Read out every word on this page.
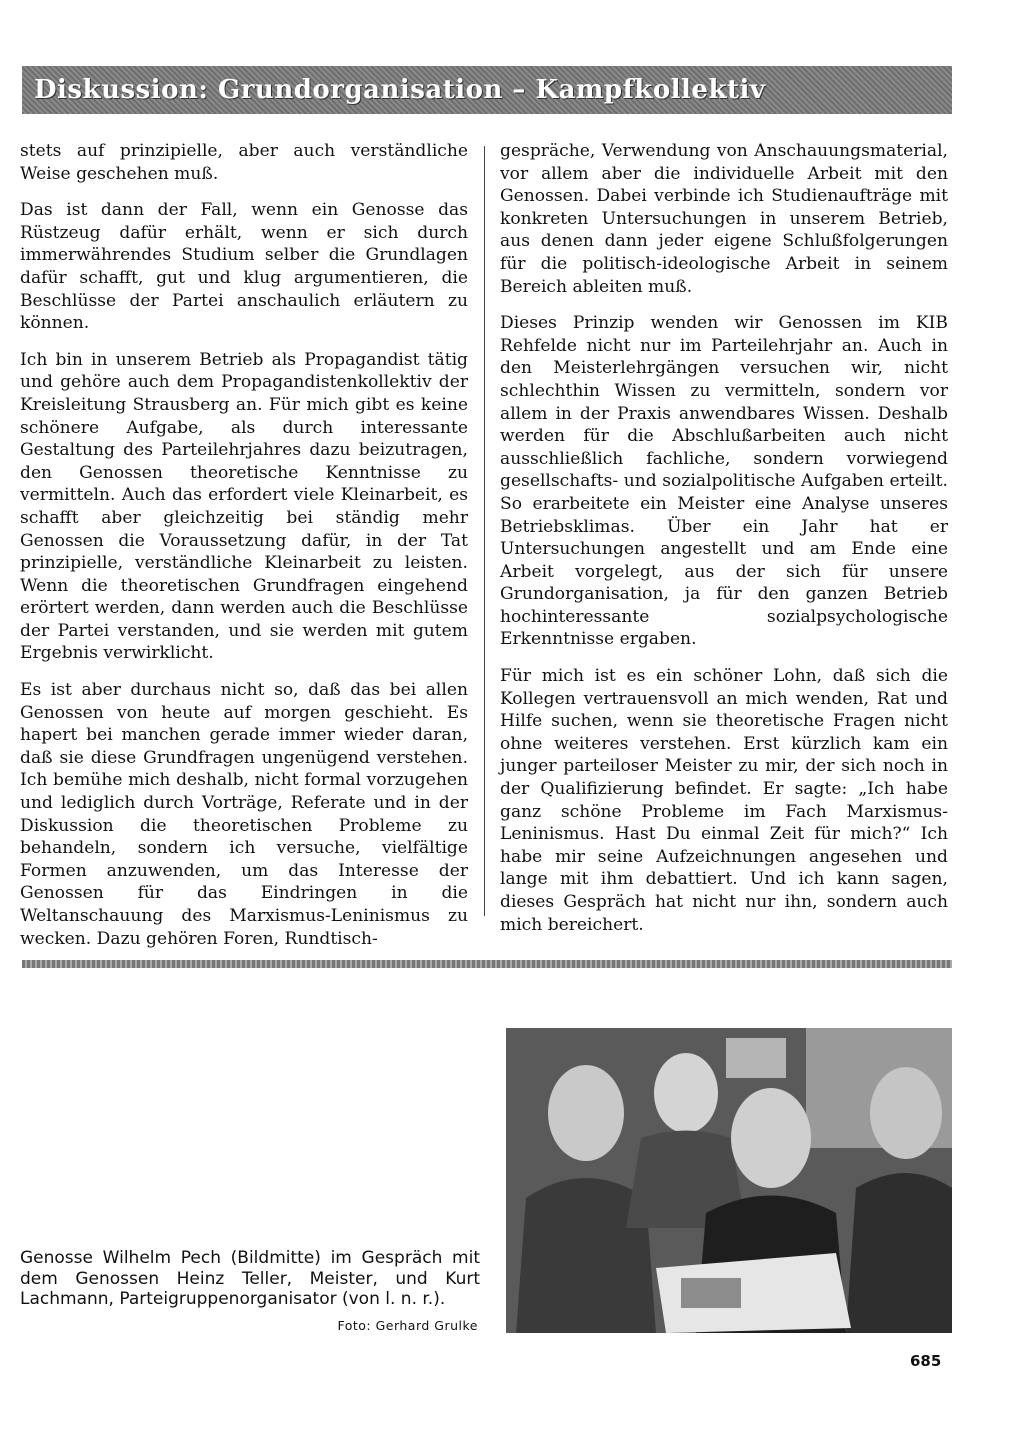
Diskussion: Grundorganisation – Kampfkollektiv

stets auf prinzipielle, aber auch verständliche Weise geschehen muß.

Das ist dann der Fall, wenn ein Genosse das Rüstzeug dafür erhält, wenn er sich durch immerwährendes Studium selber die Grundlagen dafür schafft, gut und klug argumentieren, die Beschlüsse der Partei anschaulich erläutern zu können.

Ich bin in unserem Betrieb als Propagandist tätig und gehöre auch dem Propagandistenkollektiv der Kreisleitung Strausberg an. Für mich gibt es keine schönere Aufgabe, als durch interessante Gestaltung des Parteilehrjahres dazu beizutragen, den Genossen theoretische Kenntnisse zu vermitteln. Auch das erfordert viele Kleinarbeit, es schafft aber gleichzeitig bei ständig mehr Genossen die Voraussetzung dafür, in der Tat prinzipielle, verständliche Kleinarbeit zu leisten. Wenn die theoretischen Grundfragen eingehend erörtert werden, dann werden auch die Beschlüsse der Partei verstanden, und sie werden mit gutem Ergebnis verwirklicht.

Es ist aber durchaus nicht so, daß das bei allen Genossen von heute auf morgen geschieht. Es hapert bei manchen gerade immer wieder daran, daß sie diese Grundfragen ungenügend verstehen. Ich bemühe mich deshalb, nicht formal vorzugehen und lediglich durch Vorträge, Referate und in der Diskussion die theoretischen Probleme zu behandeln, sondern ich versuche, vielfältige Formen anzuwenden, um das Interesse der Genossen für das Eindringen in die Weltanschauung des Marxismus-Leninismus zu wecken. Dazu gehören Foren, Rundtisch-

gespräche, Verwendung von Anschauungsmaterial, vor allem aber die individuelle Arbeit mit den Genossen. Dabei verbinde ich Studienaufträge mit konkreten Untersuchungen in unserem Betrieb, aus denen dann jeder eigene Schlußfolgerungen für die politisch-ideologische Arbeit in seinem Bereich ableiten muß.

Dieses Prinzip wenden wir Genossen im KIB Rehfelde nicht nur im Parteilehrjahr an. Auch in den Meisterlehrgängen versuchen wir, nicht schlechthin Wissen zu vermitteln, sondern vor allem in der Praxis anwendbares Wissen. Deshalb werden für die Abschlußarbeiten auch nicht ausschließlich fachliche, sondern vorwiegend gesellschafts- und sozialpolitische Aufgaben erteilt. So erarbeitete ein Meister eine Analyse unseres Betriebsklimas. Über ein Jahr hat er Untersuchungen angestellt und am Ende eine Arbeit vorgelegt, aus der sich für unsere Grundorganisation, ja für den ganzen Betrieb hochinteressante sozialpsychologische Erkenntnisse ergaben.

Für mich ist es ein schöner Lohn, daß sich die Kollegen vertrauensvoll an mich wenden, Rat und Hilfe suchen, wenn sie theoretische Fragen nicht ohne weiteres verstehen. Erst kürzlich kam ein junger parteiloser Meister zu mir, der sich noch in der Qualifizierung befindet. Er sagte: „Ich habe ganz schöne Probleme im Fach Marxismus-Leninismus. Hast Du einmal Zeit für mich?“ Ich habe mir seine Aufzeichnungen angesehen und lange mit ihm debattiert. Und ich kann sagen, dieses Gespräch hat nicht nur ihn, sondern auch mich bereichert.

Genosse Wilhelm Pech (Bildmitte) im Gespräch mit dem Genossen Heinz Teller, Meister, und Kurt Lachmann, Parteigruppenorganisator (von l. n. r.).
Foto: Gerhard Grulke
685
